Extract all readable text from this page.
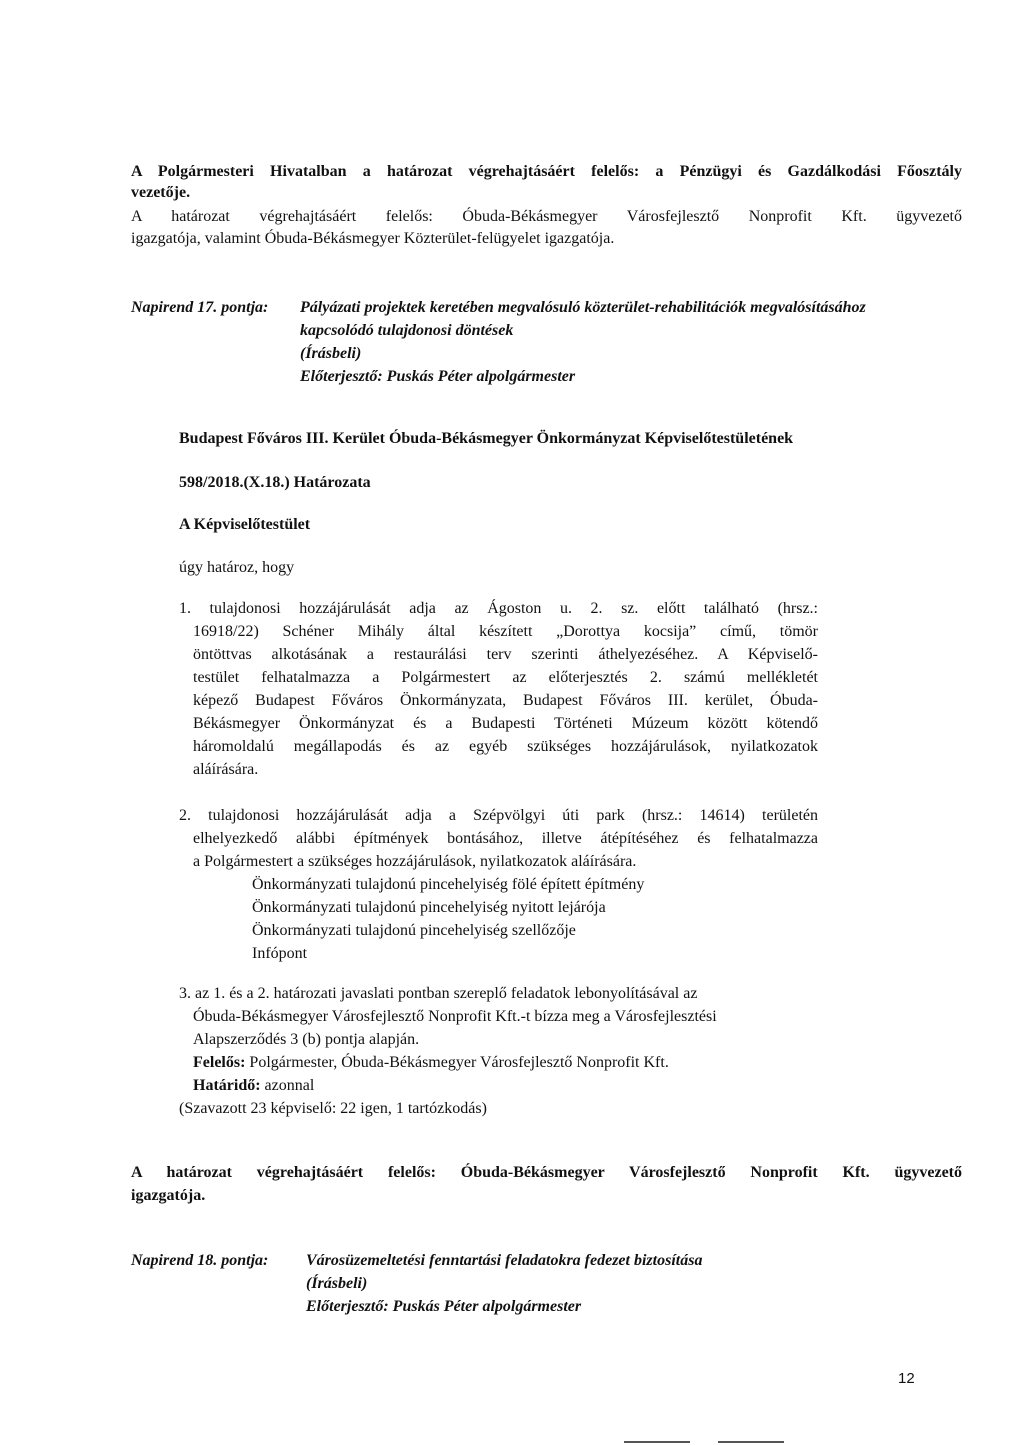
A Polgármesteri Hivatalban a határozat végrehajtásáért felelős: a Pénzügyi és Gazdálkodási Főosztály

vezetője.

A határozat végrehajtásáért felelős: Óbuda-Békásmegyer Városfejlesztő Nonprofit Kft. ügyvezető

igazgatója, valamint Óbuda-Békásmegyer Közterület-felügyelet igazgatója.

Napirend 17. pontja: Pályázati projektek keretében megvalósuló közterület-rehabilitációk megvalósításához

kapcsolódó tulajdonosi döntések

(Írásbeli)

Előterjesztő: Puskás Péter alpolgármester

Budapest Főváros III. Kerület Óbuda-Békásmegyer Önkormányzat Képviselőtestületének

598/2018.(X.18.) Határozata

A Képviselőtestület

úgy határoz, hogy

1. tulajdonosi hozzájárulását adja az Ágoston u. 2. sz. előtt található (hrsz.:

16918/22) Schéner Mihály által készített „Dorottya kocsija” című, tömör

öntöttvas alkotásának a restaurálási terv szerinti áthelyezéséhez. A Képviselő-

testület felhatalmazza a Polgármestert az előterjesztés 2. számú mellékletét

képező Budapest Főváros Önkormányzata, Budapest Főváros III. kerület, Óbuda-

Békásmegyer Önkormányzat és a Budapesti Történeti Múzeum között kötendő

háromoldalú megállapodás és az egyéb szükséges hozzájárulások, nyilatkozatok

aláírására.

2. tulajdonosi hozzájárulását adja a Szépvölgyi úti park (hrsz.: 14614) területén

elhelyezkedő alábbi építmények bontásához, illetve átépítéséhez és felhatalmazza

a Polgármestert a szükséges hozzájárulások, nyilatkozatok aláírására.

Önkormányzati tulajdonú pincehelyiség fölé épített építmény

Önkormányzati tulajdonú pincehelyiség nyitott lejárója

Önkormányzati tulajdonú pincehelyiség szellőzője

Infópont

3. az 1. és a 2. határozati javaslati pontban szereplő feladatok lebonyolításával az

Óbuda-Békásmegyer Városfejlesztő Nonprofit Kft.-t bízza meg a Városfejlesztési

Alapszerződés 3 (b) pontja alapján.

Felelős: Polgármester, Óbuda-Békásmegyer Városfejlesztő Nonprofit Kft.

Határidő: azonnal

(Szavazott 23 képviselő: 22 igen, 1 tartózkodás)

A határozat végrehajtásáért felelős: Óbuda-Békásmegyer Városfejlesztő Nonprofit Kft. ügyvezető

igazgatója.

Napirend 18. pontja: Városüzemeltetési fenntartási feladatokra fedezet biztosítása

(Írásbeli)

Előterjesztő: Puskás Péter alpolgármester

12
